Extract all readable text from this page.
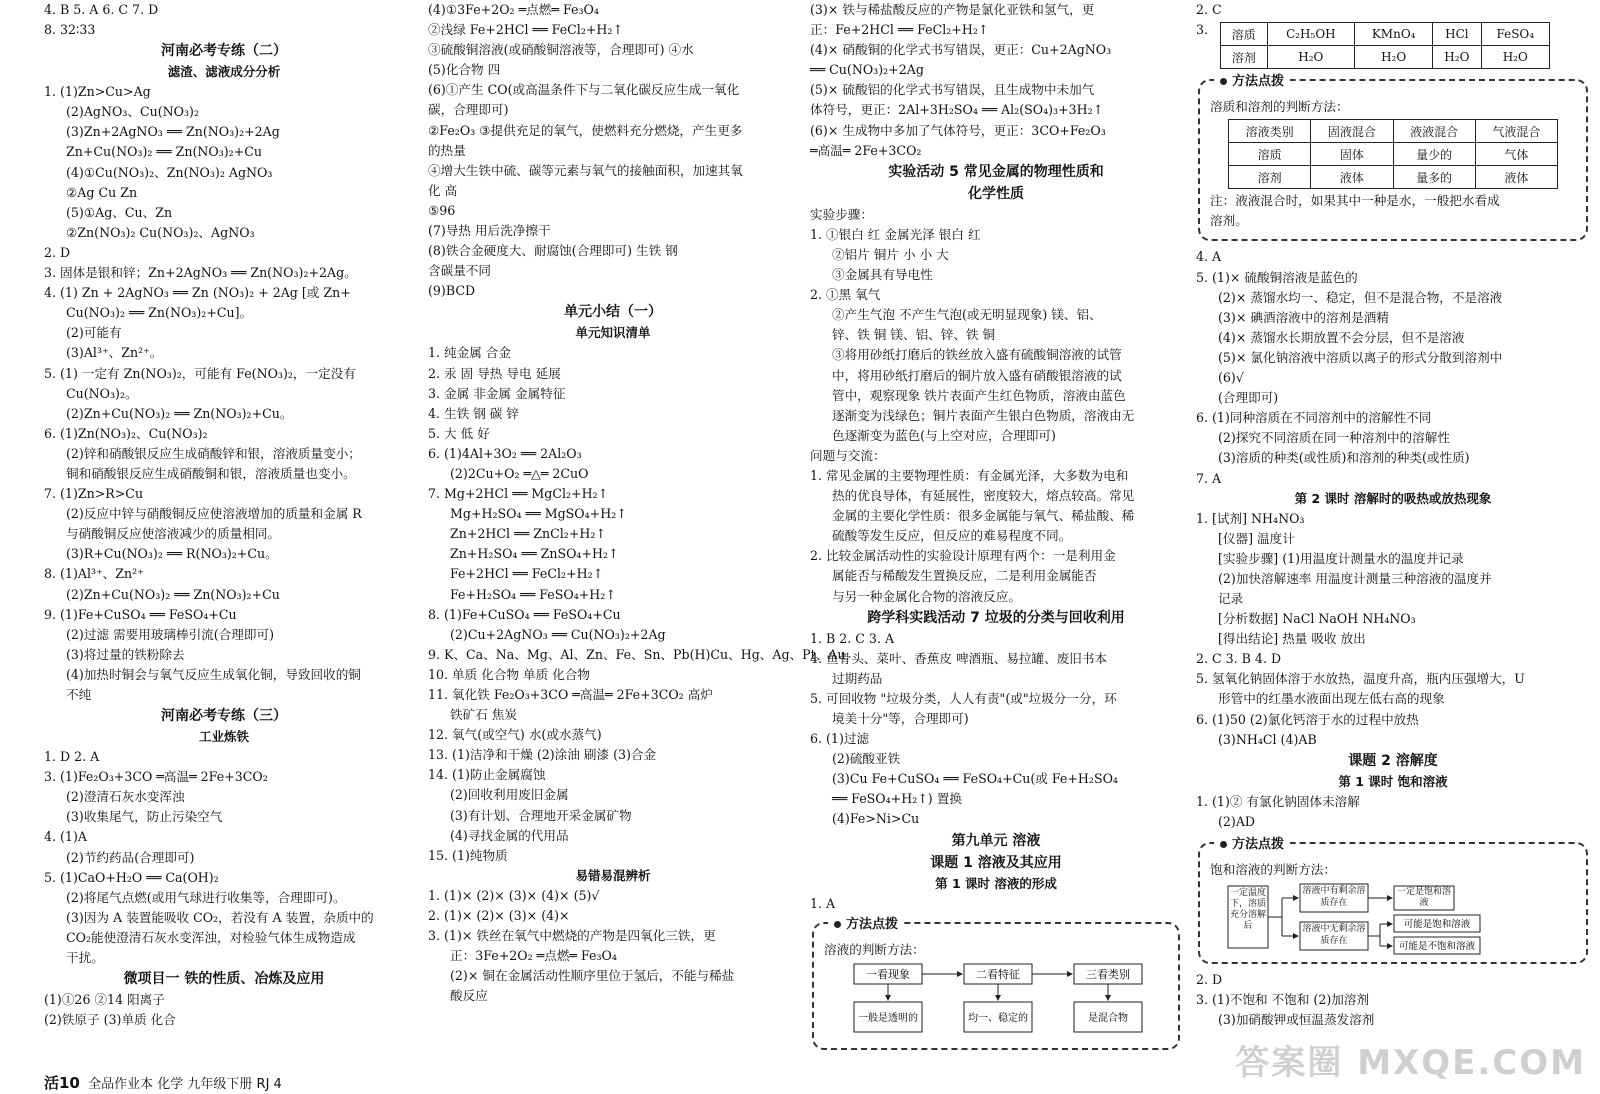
4. B 5. A 6. C 7. D
8. 32∶33
河南必考专练（二）
滤渣、滤液成分分析
1. (1)Zn>Cu>Ag
(2)AgNO₃、Cu(NO₃)₂
(3)Zn+2AgNO₃ ══ Zn(NO₃)₂+2Ag
Zn+Cu(NO₃)₂ ══ Zn(NO₃)₂+Cu
(4)①Cu(NO₃)₂、Zn(NO₃)₂ AgNO₃
②Ag Cu Zn
(5)①Ag、Cu、Zn
②Zn(NO₃)₂ Cu(NO₃)₂、AgNO₃
2. D
3. 固体是银和锌；Zn+2AgNO₃ ══ Zn(NO₃)₂+2Ag。
4. (1) Zn + 2AgNO₃ ══ Zn (NO₃)₂ + 2Ag [或 Zn+
Cu(NO₃)₂ ══ Zn(NO₃)₂+Cu]。
(2)可能有
(3)Al³⁺、Zn²⁺。
5. (1) 一定有 Zn(NO₃)₂，可能有 Fe(NO₃)₂，一定没有
Cu(NO₃)₂。
(2)Zn+Cu(NO₃)₂ ══ Zn(NO₃)₂+Cu。
6. (1)Zn(NO₃)₂、Cu(NO₃)₂
(2)锌和硝酸银反应生成硝酸锌和银，溶液质量变小；
铜和硝酸银反应生成硝酸铜和银，溶液质量也变小。
7. (1)Zn>R>Cu
(2)反应中锌与硝酸铜反应使溶液增加的质量和金属 R
与硝酸铜反应使溶液减少的质量相同。
(3)R+Cu(NO₃)₂ ══ R(NO₃)₂+Cu。
8. (1)Al³⁺、Zn²⁺
(2)Zn+Cu(NO₃)₂ ══ Zn(NO₃)₂+Cu
9. (1)Fe+CuSO₄ ══ FeSO₄+Cu
(2)过滤 需要用玻璃棒引流(合理即可)
(3)将过量的铁粉除去
(4)加热时铜会与氧气反应生成氧化铜，导致回收的铜
不纯
河南必考专练（三）
工业炼铁
1. D 2. A
3. (1)Fe₂O₃+3CO ═高温═ 2Fe+3CO₂
(2)澄清石灰水变浑浊
(3)收集尾气，防止污染空气
4. (1)A
(2)节约药品(合理即可)
5. (1)CaO+H₂O ══ Ca(OH)₂
(2)将尾气点燃(或用气球进行收集等，合理即可)。
(3)因为 A 装置能吸收 CO₂，若没有 A 装置，杂质中的
CO₂能使澄清石灰水变浑浊，对检验气体生成物造成
干扰。
微项目一 铁的性质、冶炼及应用
(1)①26 ②14 阳离子
(2)铁原子 (3)单质 化合
(4)①3Fe+2O₂ ═点燃═ Fe₃O₄
②浅绿 Fe+2HCl ══ FeCl₂+H₂↑
③硫酸铜溶液(或硝酸铜溶液等，合理即可) ④水
(5)化合物 四
(6)①产生 CO(或高温条件下与二氧化碳反应生成一氧化
碳，合理即可)
②Fe₂O₃ ③提供充足的氧气，使燃料充分燃烧，产生更多
的热量
④增大生铁中硫、碳等元素与氧气的接触面积，加速其氧
化 高
⑤96
(7)导热 用后洗净擦干
(8)铁合金硬度大、耐腐蚀(合理即可) 生铁 钢
含碳量不同
(9)BCD
单元小结（一）
单元知识清单
1. 纯金属 合金
2. 汞 固 导热 导电 延展
3. 金属 非金属 金属特征
4. 生铁 钢 碳 锌
5. 大 低 好
6. (1)4Al+3O₂ ══ 2Al₂O₃
(2)2Cu+O₂ ═△═ 2CuO
7. Mg+2HCl ══ MgCl₂+H₂↑
Mg+H₂SO₄ ══ MgSO₄+H₂↑
Zn+2HCl ══ ZnCl₂+H₂↑
Zn+H₂SO₄ ══ ZnSO₄+H₂↑
Fe+2HCl ══ FeCl₂+H₂↑
Fe+H₂SO₄ ══ FeSO₄+H₂↑
8. (1)Fe+CuSO₄ ══ FeSO₄+Cu
(2)Cu+2AgNO₃ ══ Cu(NO₃)₂+2Ag
9. K、Ca、Na、Mg、Al、Zn、Fe、Sn、Pb(H)Cu、Hg、Ag、Pt、Au
10. 单质 化合物 单质 化合物
11. 氧化铁 Fe₂O₃+3CO ═高温═ 2Fe+3CO₂ 高炉
铁矿石 焦炭
12. 氧气(或空气) 水(或水蒸气)
13. (1)洁净和干燥 (2)涂油 刷漆 (3)合金
14. (1)防止金属腐蚀
(2)回收利用废旧金属
(3)有计划、合理地开采金属矿物
(4)寻找金属的代用品
15. (1)纯物质
易错易混辨析
1. (1)× (2)× (3)× (4)× (5)√
2. (1)× (2)× (3)× (4)×
3. (1)× 铁丝在氧气中燃烧的产物是四氧化三铁，更
正：3Fe+2O₂ ═点燃═ Fe₃O₄
(2)× 铜在金属活动性顺序里位于氢后，不能与稀盐
酸反应
(3)× 铁与稀盐酸反应的产物是氯化亚铁和氢气，更
正：Fe+2HCl ══ FeCl₂+H₂↑
(4)× 硝酸铜的化学式书写错误，更正：Cu+2AgNO₃
══ Cu(NO₃)₂+2Ag
(5)× 硫酸铝的化学式书写错误，且生成物中未加气
体符号，更正：2Al+3H₂SO₄ ══ Al₂(SO₄)₃+3H₂↑
(6)× 生成物中多加了气体符号，更正：3CO+Fe₂O₃
═高温═ 2Fe+3CO₂
实验活动 5 常见金属的物理性质和
化学性质
实验步骤：
1. ①银白 红 金属光泽 银白 红
②铝片 铜片 小 小 大
③金属具有导电性
2. ①黑 氧气
②产生气泡 不产生气泡(或无明显现象) 镁、铝、
锌、铁 铜 镁、铝、锌、铁 铜
③将用砂纸打磨后的铁丝放入盛有硫酸铜溶液的试管
中，将用砂纸打磨后的铜片放入盛有硝酸银溶液的试
管中，观察现象 铁片表面产生红色物质，溶液由蓝色
逐渐变为浅绿色；铜片表面产生银白色物质，溶液由无
色逐渐变为蓝色(与上空对应，合理即可)
问题与交流：
1. 常见金属的主要物理性质：有金属光泽，大多数为电和
热的优良导体，有延展性，密度较大，熔点较高。常见
金属的主要化学性质：很多金属能与氧气、稀盐酸、稀
硫酸等发生反应，但反应的难易程度不同。
2. 比较金属活动性的实验设计原理有两个：一是利用金
属能否与稀酸发生置换反应，二是利用金属能否
与另一种金属化合物的溶液反应。
跨学科实践活动 7 垃圾的分类与回收利用
1. B 2. C 3. A
4. 鱼骨头、菜叶、香蕉皮 啤酒瓶、易拉罐、废旧书本
过期药品
5. 可回收物 "垃圾分类，人人有责"(或"垃圾分一分，环
境美十分"等，合理即可)
6. (1)过滤
(2)硫酸亚铁
(3)Cu Fe+CuSO₄ ══ FeSO₄+Cu(或 Fe+H₂SO₄
══ FeSO₄+H₂↑) 置换
(4)Fe>Ni>Cu
第九单元 溶液
课题 1 溶液及其应用
第 1 课时 溶液的形成
1. A
方法点拨
溶液的判断方法：
一看现象	二看特征	三看类别
一般是透明的	均一、稳定的	是混合物
2. C
3.	溶质	C₂H₅OH	KMnO₄	HCl	FeSO₄
溶剂	H₂O	H₂O	H₂O	H₂O
方法点拨
溶质和溶剂的判断方法：
溶液类别	固液混合	液液混合	气液混合
溶质	固体	量少的	气体
溶剂	液体	量多的	液体
注：液液混合时，如果其中一种是水，一般把水看成
溶剂。
4. A
5. (1)× 硫酸铜溶液是蓝色的
(2)× 蒸馏水均一、稳定，但不是混合物，不是溶液
(3)× 碘酒溶液中的溶剂是酒精
(4)× 蒸馏水长期放置不会分层，但不是溶液
(5)× 氯化钠溶液中溶质以离子的形式分散到溶剂中
(6)√
(合理即可)
6. (1)同种溶质在不同溶剂中的溶解性不同
(2)探究不同溶质在同一种溶剂中的溶解性
(3)溶质的种类(或性质)和溶剂的种类(或性质)
7. A
第 2 课时 溶解时的吸热或放热现象
1. [试剂] NH₄NO₃
[仪器] 温度计
[实验步骤] (1)用温度计测量水的温度并记录
(2)加快溶解速率 用温度计测量三种溶液的温度并
记录
[分析数据] NaCl NaOH NH₄NO₃
[得出结论] 热量 吸收 放出
2. C 3. B 4. D
5. 氢氧化钠固体溶于水放热，温度升高，瓶内压强增大，U
形管中的红墨水液面出现左低右高的现象
6. (1)50 (2)氯化钙溶于水的过程中放热
(3)NH₄Cl (4)AB
课题 2 溶解度
第 1 课时 饱和溶液
1. (1)② 有氯化钠固体未溶解
(2)AD
方法点拨
饱和溶液的判断方法：
一定温度下，溶质充分溶解后
溶液中有剩余溶质存在
溶液中无剩余溶质存在
一定是饱和溶液
可能是饱和溶液
可能是不饱和溶液
2. D
3. (1)不饱和 不饱和 (2)加溶剂
(3)加硝酸钾或恒温蒸发溶剂
活10 全品作业本 化学 九年级下册 RJ 4
答案圈 MXQE.COM
